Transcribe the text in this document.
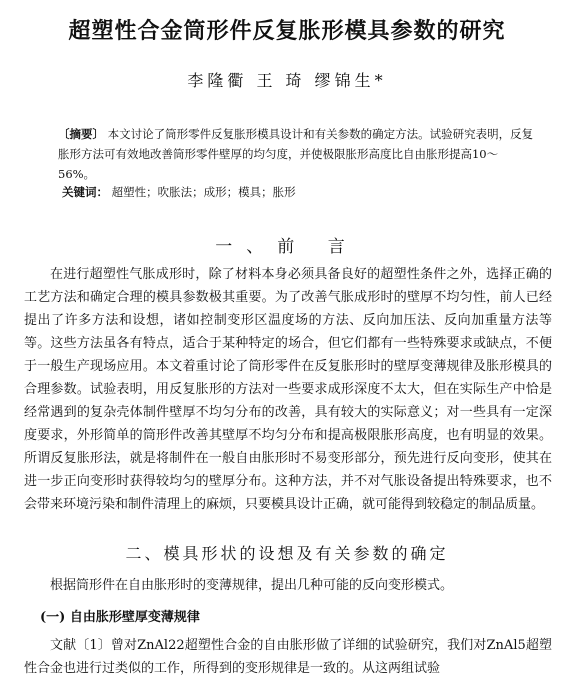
超塑性合金筒形件反复胀形模具参数的研究
李隆衢 王 琦 缪锦生*
〔摘要〕 本文讨论了筒形零件反复胀形模具设计和有关参数的确定方法。试验研究表明，反复胀形方法可有效地改善筒形零件壁厚的均匀度，并使极限胀形高度比自由胀形提高10～56%。
关键词： 超塑性；吹胀法；成形；模具；胀形
一、前 言
在进行超塑性气胀成形时，除了材料本身必须具备良好的超塑性条件之外，选择正确的工艺方法和确定合理的模具参数极其重要。为了改善气胀成形时的壁厚不均匀性，前人已经提出了许多方法和设想，诸如控制变形区温度场的方法、反向加压法、反向加重量方法等等。这些方法虽各有特点，适合于某种特定的场合，但它们都有一些特殊要求或缺点，不便于一般生产现场应用。本文着重讨论了筒形零件在反复胀形时的壁厚变薄规律及胀形模具的合理参数。试验表明，用反复胀形的方法对一些要求成形深度不太大，但在实际生产中恰是经常遇到的复杂壳体制件壁厚不均匀分布的改善，具有较大的实际意义；对一些具有一定深度要求，外形简单的筒形件改善其壁厚不均匀分布和提高极限胀形高度，也有明显的效果。所谓反复胀形法，就是将制件在一般自由胀形时不易变形部分，预先进行反向变形，使其在进一步正向变形时获得较均匀的壁厚分布。这种方法，并不对气胀设备提出特殊要求，也不会带来环境污染和制件清理上的麻烦，只要模具设计正确，就可能得到较稳定的制品质量。
二、模具形状的设想及有关参数的确定
根据筒形件在自由胀形时的变薄规律，提出几种可能的反向变形模式。
(一) 自由胀形壁厚变薄规律
文献〔1〕曾对ZnAl22超塑性合金的自由胀形做了详细的试验研究，我们对ZnAl5超塑性合金也进行过类似的工作，所得到的变形规律是一致的。从这两组试验
